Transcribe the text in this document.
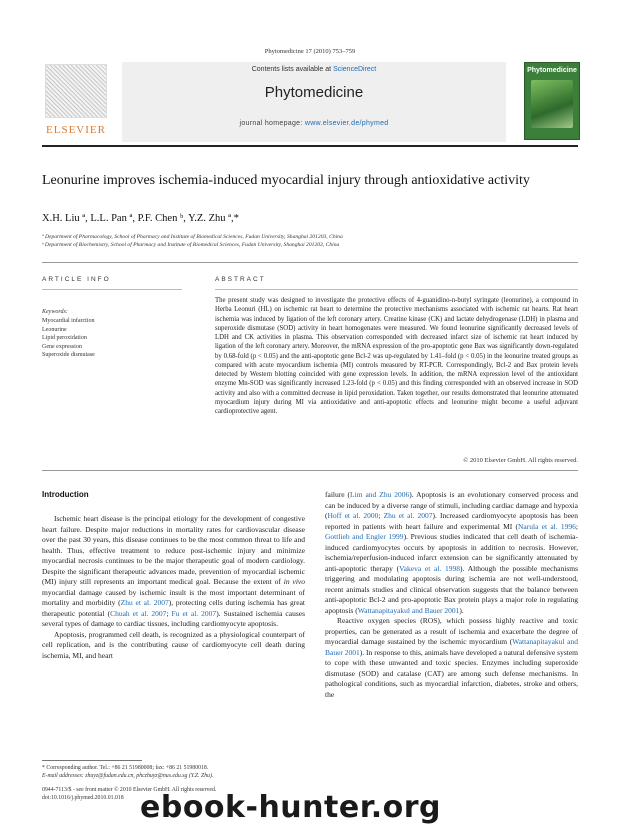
Phytomedicine 17 (2010) 753–759
ELSEVIER
Contents lists available at ScienceDirect
Phytomedicine
journal homepage: www.elsevier.de/phymed
Phytomedicine
Leonurine improves ischemia-induced myocardial injury through antioxidative activity
X.H. Liu ª, L.L. Pan ª, P.F. Chen ᵇ, Y.Z. Zhu ª,*
ª Department of Pharmacology, School of Pharmacy and Institute of Biomedical Sciences, Fudan University, Shanghai 201203, China
ᵇ Department of Biochemistry, School of Pharmacy and Institute of Biomedical Sciences, Fudan University, Shanghai 201203, China
ARTICLE INFO
Keywords:
Myocardial infarction
Leonurine
Lipid peroxidation
Gene expression
Superoxide dismutase
ABSTRACT
The present study was designed to investigate the protective effects of 4-guanidino-n-butyl syringate (leonurine), a compound in Herba Leonuri (HL) on ischemic rat heart to determine the protective mechanisms associated with ischemic rat hearts. Rat heart ischemia was induced by ligation of the left coronary artery. Creatine kinase (CK) and lactate dehydrogenase (LDH) in plasma and superoxide dismutase (SOD) activity in heart homogenates were measured. We found leonurine significantly decreased levels of LDH and CK activities in plasma. This observation corresponded with decreased infarct size of ischemic rat heart induced by ligation of the left coronary artery. Moreover, the mRNA expression of the pro-apoptotic gene Bax was significantly down-regulated by 0.68-fold (p < 0.05) and the anti-apoptotic gene Bcl-2 was up-regulated by 1.41–fold (p < 0.05) in the leonurine treated groups as compared with acute myocardium ischemia (MI) controls measured by RT-PCR. Correspondingly, Bcl-2 and Bax protein levels detected by Western blotting coincided with gene expression levels. In addition, the mRNA expression level of the antioxidant enzyme Mn-SOD was significantly increased 1.23-fold (p < 0.05) and this finding corresponded with an observed increase in SOD activity and also with a committed decrease in lipid peroxidation. Taken together, our results demonstrated that leonurine attenuated myocardium injury during MI via antioxidative and anti-apoptotic effects and leonurine might become a useful adjuvant cardioprotective agent.
© 2010 Elsevier GmbH. All rights reserved.
Introduction

Ischemic heart disease is the principal etiology for the development of congestive heart failure. Despite major reductions in mortality rates for cardiovascular disease over the past 30 years, this disease continues to be the most common threat to life and health. Thus, effective treatment to reduce post-ischemic injury and minimize myocardial necrosis continues to be the major therapeutic goal of modern cardiology. Despite the significant therapeutic advances made, prevention of myocardial ischemic (MI) injury still represents an important medical goal. Because the extent of in vivo myocardial damage caused by ischemic insult is the most important determinant of mortality and morbidity (Zhu et al. 2007), protecting cells during ischemia has great therapeutic potential (Chuah et al. 2007; Fu et al. 2007). Sustained ischemia causes several types of damage to cardiac tissues, including cardiomyocyte apoptosis.

Apoptosis, programmed cell death, is recognized as a physiological counterpart of cell replication, and is the contributing cause of cardiomyocyte cell death during ischemia, MI, and heart

failure (Lim and Zhu 2006). Apoptosis is an evolutionary conserved process and can be induced by a diverse range of stimuli, including cardiac damage and hypoxia (Hoff et al. 2000; Zhu et al. 2007). Increased cardiomyocyte apoptosis has been reported in patients with heart failure and experimental MI (Narula et al. 1996; Gottlieb and Engler 1999). Previous studies indicated that cell death of ischemia-induced cardiomyocytes occurs by apoptosis in addition to necrosis. However, ischemia/reperfusion-induced infarct extension can be significantly attenuated by anti-apoptotic therapy (Vakeva et al. 1998). Although the possible mechanisms triggering and modulating apoptosis during ischemia are not well-understood, recent animals studies and clinical observation suggests that the balance between anti-apoptotic Bcl-2 and pro-apoptotic Bax protein plays a major role in regulating apoptosis (Wattanapitayakul and Bauer 2001).

Reactive oxygen species (ROS), which possess highly reactive and toxic properties, can be generated as a result of ischemia and exacerbate the degree of myocardial damage sustained by the ischemic myocardium (Wattanapitayakul and Bauer 2001). In response to this, animals have developed a natural defensive system to cope with these unwanted and toxic species. Enzymes including superoxide dismutase (SOD) and catalase (CAT) are among such defense mechanisms. In pathological conditions, such as myocardial infarction, diabetes, stroke and others, the

* Corresponding author. Tel.: +86 21 51980008; fax: +86 21 51980018.
E-mail addresses: zhuyz@fudan.edu.cn, phczhuyz@nus.edu.sg (Y.Z. Zhu).
0944-7113/$ - see front matter © 2010 Elsevier GmbH. All rights reserved.
doi:10.1016/j.phymed.2010.01.018 ebook-hunter.org
